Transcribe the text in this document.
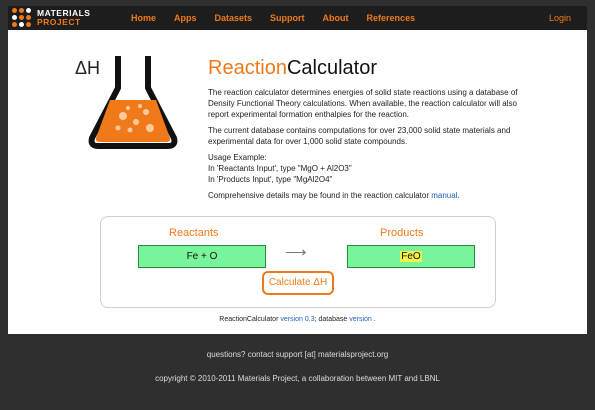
MATERIALS
PROJECT	Home Apps Datasets Support About References	Login
ΔH	ReactionCalculator

The reaction calculator determines energies of solid state reactions using a database of Density Functional Theory calculations. When available, the reaction calculator will also report experimental formation enthalpies for the reaction.

The current database contains computations for over 23,000 solid state materials and experimental data for over 1,000 solid state compounds.

Usage Example:
In 'Reactants Input', type "MgO + Al2O3"
In 'Products Input', type "MgAl2O4"

Comprehensive details may be found in the reaction calculator manual.

Reactants	Products
Fe + O	⟶	FeO
Calculate ΔH
ReactionCalculator version 0.3; database version .
questions? contact support [at] materialsproject.org
copyright © 2010-2011 Materials Project, a collaboration between MIT and LBNL
